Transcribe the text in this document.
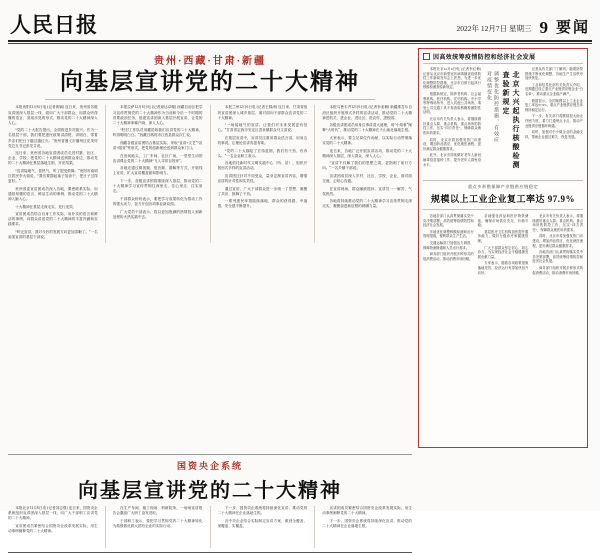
人民日报	2022年 12月7日 星期三 9 要闻
贵州·西藏·甘肃·新疆
向基层宣讲党的二十大精神

本报贵阳12月6日电 (记者黄娴) 连日来，贵州省各级宣讲团深入基层一线，面向广大干部群众，用群众听得懂的语言、喜闻乐见的形式，推动党的二十大精神深入人心。

“党的二十大报告提出，全面推进乡村振兴。作为一名基层干部，我们要把惠民政策讲清楚、讲明白，带着乡亲们把日子越过越红火。”贵州省遵义市播州区花茂村党总支书记彭龙芬说。

连日来，贵州省各地宣讲团成员走进村寨、社区、企业、学校，把党的二十大精神送到群众身边，推动党的二十大精神在基层落地生根、开花结果。

“宣讲接地气、冒热气，听了很受鼓舞。”贵阳市南明区居民李大姐说，“我们要撸起袖子加油干，把日子过得更好。”

贵州省委宣讲团成员深入各地，紧密联系实际，用通俗易懂的语言、鲜活生动的事例，推动党的二十大精神入脑入心。

十大精神在基层走深走实、见行见效。

宣讲团成员结合自身工作实际，用朴实的语言和鲜活的事例，向群众讲述党的二十大精神的丰富内涵和实践要求。

“听完宣讲，我对今后的发展方向更加清晰了。”一名参加宣讲的基层干部说。

本报拉萨12月6日电 (记者琼达卓嘎) 西藏自治区把学习宣传贯彻党的二十大精神作为当前和今后一个时期的首要政治任务，组建宣讲团深入基层开展宣讲，让党的二十大精神家喻户晓、深入人心。

“驻村工作队员用藏语给我们宣讲党的二十大精神，听得明明白白。”西藏日喀则市江孜县群众次仁说。

西藏各级宣讲团结合基层实际，采取“宣讲+文艺”“宣讲+服务”等形式，把党的创新理论送到群众家门口。

在田间地头、工厂车间、社区广场，一堂堂生动的宣讲课让党的二十大精神“飞入寻常百姓家”。

各地还通过微视频、短音频、图解等方式，开展线上宣讲，扩大宣讲覆盖面和影响力。

下一步，各级宣讲团将继续深入基层，推动党的二十大精神学习宣传贯彻往深里走、往心里走、往实里走。

干部群众纷纷表示，要把学习成果转化为推动工作的强大动力，奋力开创各项事业新局面。

广大党员干部表示，将以更加饱满的热情投入到新征程的火热实践中去。

本报兰州12月6日电 (记者王锦涛) 连日来，甘肃省组织宣讲团深入城乡基层，面对面向干部群众宣讲党的二十大精神。

“一场接地气的宣讲，让我们对未来发展更有信心。”甘肃省定西市安定区香泉镇群众马文清说。

在基层宣讲中，宣讲员注重用群众语言讲，用身边故事说，让理论宣讲有滋有味。

“党的二十大描绘了宏伟蓝图，我们有干劲、有奔头。”一名企业职工表示。

各地依托新时代文明实践中心（所、站），组织开展形式多样的宣讲活动。

宣讲团还针对不同受众，量身定制宣讲内容，增强宣讲的针对性和实效性。

通过宣讲，广大干部群众进一步统一了思想、凝聚了共识、鼓舞了干劲。

一系列惠民举措陆续落地，群众的获得感、幸福感、安全感不断提升。

本报乌鲁木齐12月6日电 (记者李亚楠) 新疆维吾尔自治区组织开展形式多样的宣讲活动，推动党的二十大精神进机关、进企业、进社区、进农村、进校园。

各级宣讲团成员用身边事讲清大道理，用“小故事”阐释“大时代”，推动党的二十大精神在天山南北落地生根。

大家表示，要立足岗位作贡献，以实际行动贯彻落实党的二十大精神。

连日来，各地广泛开展宣讲活动，推动党的二十大精神深入基层、深入群众、深入人心。

“宣讲不仅解了我们的思想之渴，更指明了前行方向。”一名乡镇干部说。

宣讲团成员深入乡村、社区、学校、企业，面对面交流，心贴心沟通。

在宣讲现场，群众踊跃提问，宣讲员一一解答，气氛热烈。

各地将持续推动党的二十大精神学习宣传贯彻走深走实，凝聚奋进新征程的磅礴力量。

因高效统筹疫情防控和经济社会发展

本报北京12月6日电 (记者李红梅) 记者从北京市新型冠状病毒肺炎疫情防控工作新闻发布会上获悉，为进一步优化调整防控措施，北京市自即日起执行核酸检测查验新规定。

根据新规定，除养老机构、社会福利机构、医疗机构、托幼机构、中小学等特殊场所外，进入其他公共场所、乘坐公共交通工具不再查验核酸检测阴性证明。

北京市有关负责人表示，将继续做好重点人群、重点机构、重点场所的防控工作，压实“四方责任”，保障群众就医用药需求。

同时，北京市将加强发热门诊建设，增加药品供应，优化就医流程，更好满足群众健康需求。

此外，北京市持续做好老年人新冠病毒疫苗接种工作，提升老年人群免疫水平。

调整优化防控措施，有效应对疫情变化	北京大兴起执行核酸检测查验新规定

记者从有关部门了解到，随着防控措施不断优化调整，各地生产生活秩序加快恢复。

工业和信息化部有关负责人介绍，近期通过设立重点产业链供应链企业“白名单”，推动重点企业稳产满产。

数据显示，全国规模以上工业企业复工率达97.9%，重点产业链供应链总体保持稳定运行。

下一步，有关部门将继续加大助企纾困力度，着力打通堵点卡点，推动产业链供应链循环畅通。

同时，加强对中小微企业的金融支持，帮助企业渡过难关、恢复发展。

重点多举措保障产业链供应链稳定
规模以上工业企业复工率达 97.9%

各地各部门认真贯彻落实党中央决策部署，高效统筹疫情防控和经济社会发展。

多地优化调整核酸检测和出行管理措施，便利群众生产生活。

交通运输部门加强运力调度，保障物流畅通和人员出行需求。

商务部门组织开展多种形式的促消费活动，推动消费市场回暖。

各地强化药品和医疗物资储备，确保市场供应充足、价格平稳。

基层医疗卫生机构加快提升服务能力，做好分级诊疗和健康管理。

广大干部群众坚定信心、同心协力，为实现经济社会平稳健康发展贡献力量。

专家表示，随着各项政策措施落地见效，经济运行有望加快回升向好。

北京市有关负责人表示，将继续做好重点人群、重点机构、重点场所的防控工作，压实“四方责任”，保障群众就医用药需求。

同时，北京市将加强发热门诊建设，增加药品供应，优化就医流程，更好满足群众健康需求。

各地各部门认真贯彻落实党中央决策部署，高效统筹疫情防控和经济社会发展。

商务部门组织开展多种形式的促消费活动，推动消费市场回暖。

国资央企系统
向基层宣讲党的二十大精神

本报北京12月6日电 (记者刘志强) 连日来，国资央企系统组织宣讲团深入基层一线，向广大干部职工宣讲党的二十大精神。

宣讲团成员紧密结合国资央企改革发展实际，用生动事例阐释党的二十大精神。

在生产车间、施工现场、科研院所，一场场宣讲报告会激励广大职工奋发进取。

干部职工表示，要把学习贯彻党的二十大精神转化为做强做优做大国有企业的实际行动。

下一步，国资央企系统将持续深化宣讲，推动党的二十大精神在企业落地生根。

各中央企业结合实际制定宣讲方案，做到全覆盖、深覆盖、实覆盖。

宣讲团成员紧密结合国资央企改革发展实际，用生动事例阐释党的二十大精神。

下一步，国资央企系统将持续深化宣讲，推动党的二十大精神在企业落地生根。
